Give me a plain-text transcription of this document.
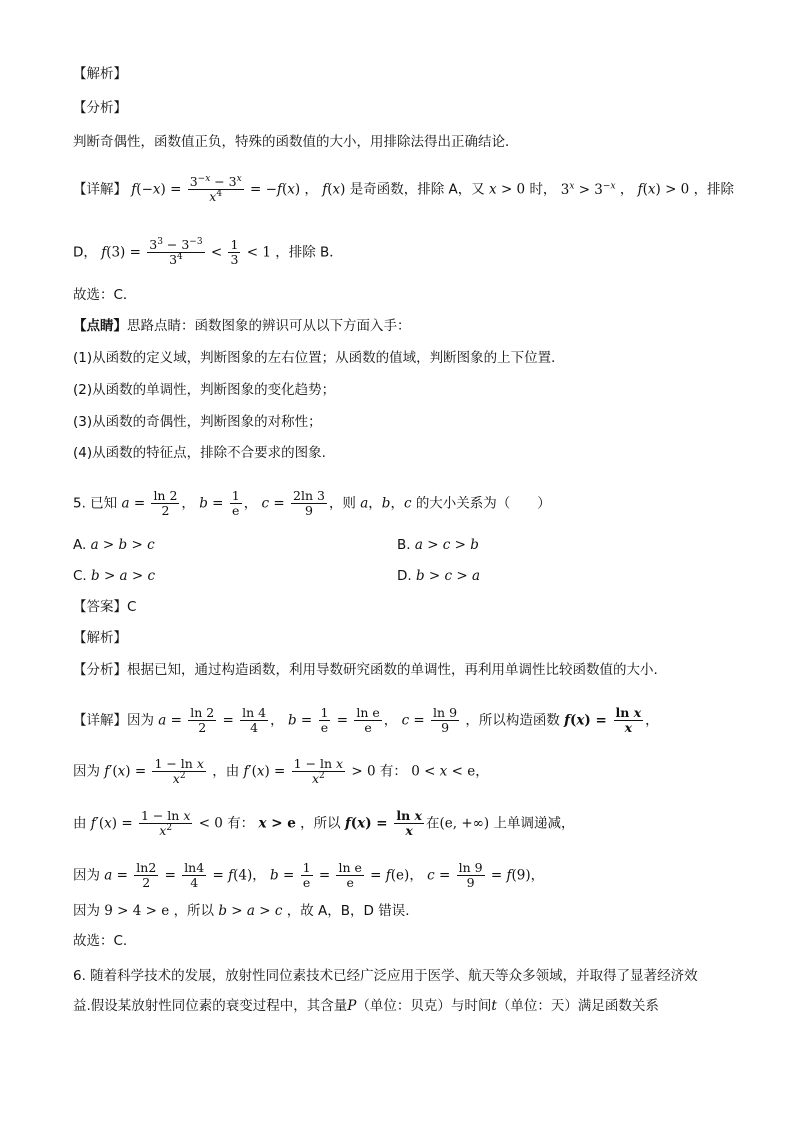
【解析】
【分析】
判断奇偶性，函数值正负，特殊的函数值的大小，用排除法得出正确结论．
【详解】 $f(-x) = \frac{3^{-x} - 3^x}{x^4} = -f(x)$ ， f(x) 是奇函数，排除 A，又 x > 0 时， $3^x > 3^{-x}$ ， f(x) > 0 ，排除
D， $f(3) = \frac{3^3 - 3^{-3}}{3^4} < \frac{1}{3} < 1$ ，排除 B．
故选：C．
【点睛】思路点睛：函数图象的辨识可从以下方面入手：
(1)从函数的定义域，判断图象的左右位置；从函数的值域，判断图象的上下位置．
(2)从函数的单调性，判断图象的变化趋势；
(3)从函数的奇偶性，判断图象的对称性；
(4)从函数的特征点，排除不合要求的图象.
5. 已知 $a = \frac{\ln 2}{2}$ ， $b = \frac{1}{e}$ ， $c = \frac{2\ln 3}{9}$ ，则 a，b，c 的大小关系为（　　）
A. a > b > c	B. a > c > b
C. b > a > c	D. b > c > a
【答案】C
【解析】
【分析】根据已知，通过构造函数，利用导数研究函数的单调性，再利用单调性比较函数值的大小.
【详解】因为 $a = \frac{\ln 2}{2} = \frac{\ln 4}{4}$ ， $b = \frac{1}{e} = \frac{\text{ln e}}{e}$ ， $c = \frac{\ln 9}{9}$ ，所以构造函数 $f(x) = \frac{\text{ln x}}{x}$ ，
因为 $f'(x) = \frac{\text{1 − ln x}}{x^2}$ ，由 $f'(x) = \frac{\text{1 − ln x}}{x^2} > 0$ 有： 0 < x < e，
由 $f'(x) = \frac{\text{1 − ln x}}{x^2} < 0$ 有： x > e ，所以 $f(x) = \frac{\text{ln x}}{x}$ 在(e, +∞) 上单调递减，
因为 $a = \frac{\ln 2}{2} = \frac{\ln 4}{4} = f(4)$， $b = \frac{1}{e} = \frac{\text{ln e}}{e} = f(e)$， $c = \frac{\ln 9}{9} = f(9)$，
因为 9 > 4 > e ，所以 b > a > c ，故 A，B，D 错误.
故选：C.
6. 随着科学技术的发展，放射性同位素技术已经广泛应用于医学、航天等众多领域，并取得了显著经济效
益.假设某放射性同位素的衰变过程中，其含量P（单位：贝克）与时间t（单位：天）满足函数关系
